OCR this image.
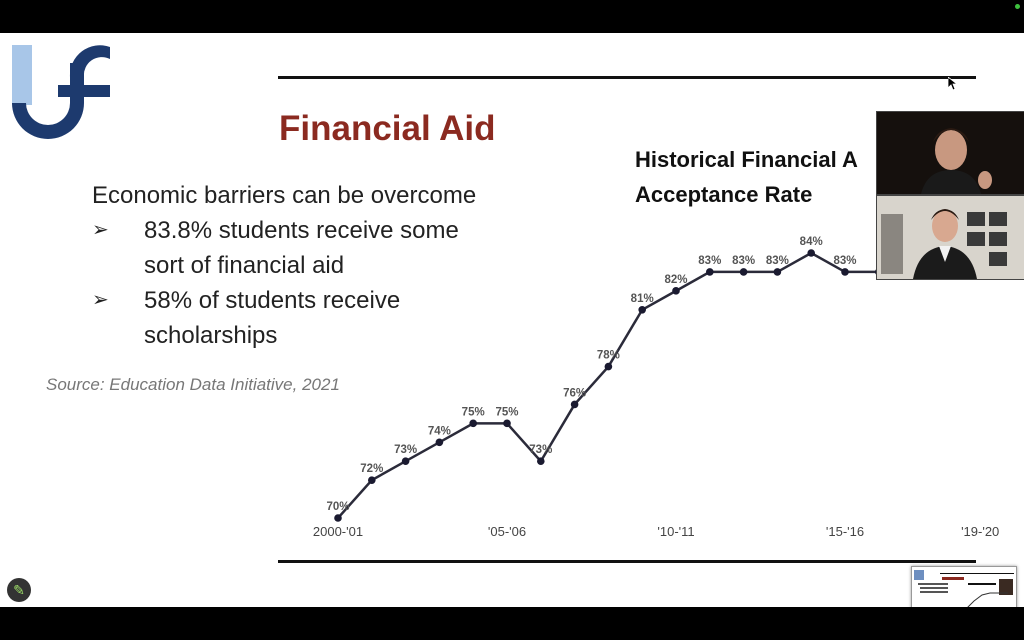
Financial Aid
Economic barriers can be overcome
➢	83.8% students receive some
sort of financial aid
➢	58% of students receive
scholarships
Source: Education Data Initiative, 2021
70%
72%
73%
74%
75% 75%
73%
76%
78%
81%
82%
83% 83% 83%
84%
83%
2000-'01	'05-'06	'10-'11	'15-'16	'19-'20
Historical Financial A
Acceptance Rate
✎
